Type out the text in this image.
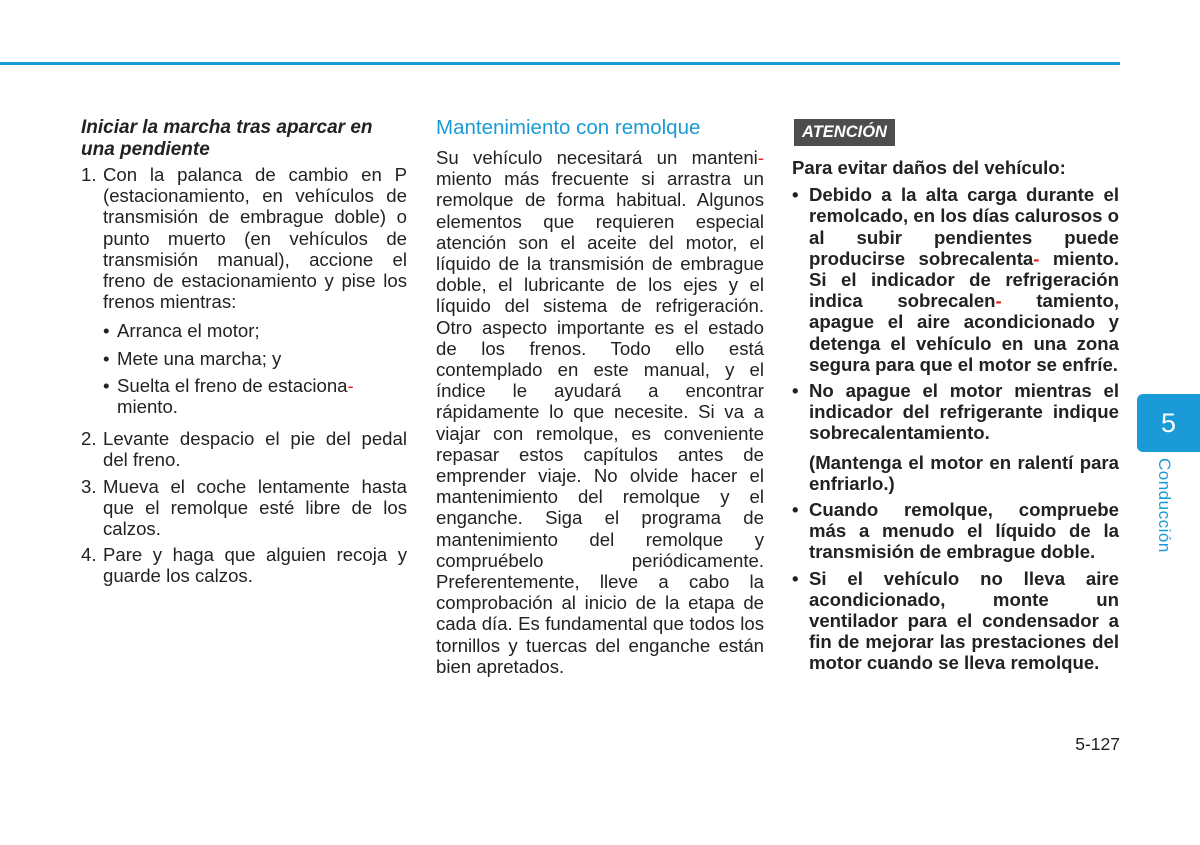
Iniciar la marcha tras aparcar en una pendiente
1. Con la palanca de cambio en P (estacionamiento, en vehículos de transmisión de embrague doble) o punto muerto (en vehículos de transmisión manual), accione el freno de estacionamiento y pise los frenos mientras:
• Arranca el motor;
• Mete una marcha; y
• Suelta el freno de estaciona-
miento.
2. Levante despacio el pie del pedal del freno.
3. Mueva el coche lentamente hasta que el remolque esté libre de los calzos.
4. Pare y haga que alguien recoja y guarde los calzos.
Mantenimiento con remolque
Su vehículo necesitará un manteni- miento más frecuente si arrastra un remolque de forma habitual. Algunos elementos que requieren especial atención son el aceite del motor, el líquido de la transmisión de embrague doble, el lubricante de los ejes y el líquido del sistema de refrigeración. Otro aspecto importante es el estado de los frenos. Todo ello está contemplado en este manual, y el índice le ayudará a encontrar rápidamente lo que necesite. Si va a viajar con remolque, es conveniente repasar estos capítulos antes de emprender viaje. No olvide hacer el mantenimiento del remolque y el enganche. Siga el programa de mantenimiento del remolque y compruébelo periódicamente. Preferentemente, lleve a cabo la comprobación al inicio de la etapa de cada día. Es fundamental que todos los tornillos y tuercas del enganche están bien apretados.
ATENCIÓN
Para evitar daños del vehículo:
• Debido a la alta carga durante el remolcado, en los días calurosos o al subir pendientes puede producirse sobrecalenta- miento. Si el indicador de refrigeración indica sobrecalen- tamiento, apague el aire acondicionado y detenga el vehículo en una zona segura para que el motor se enfríe.
• No apague el motor mientras el indicador del refrigerante indique sobrecalentamiento.
(Mantenga el motor en ralentí para enfriarlo.)
• Cuando remolque, compruebe más a menudo el líquido de la transmisión de embrague doble.
• Si el vehículo no lleva aire acondicionado, monte un ventilador para el condensador a fin de mejorar las prestaciones del motor cuando se lleva remolque.
5
Conducción
5-127
